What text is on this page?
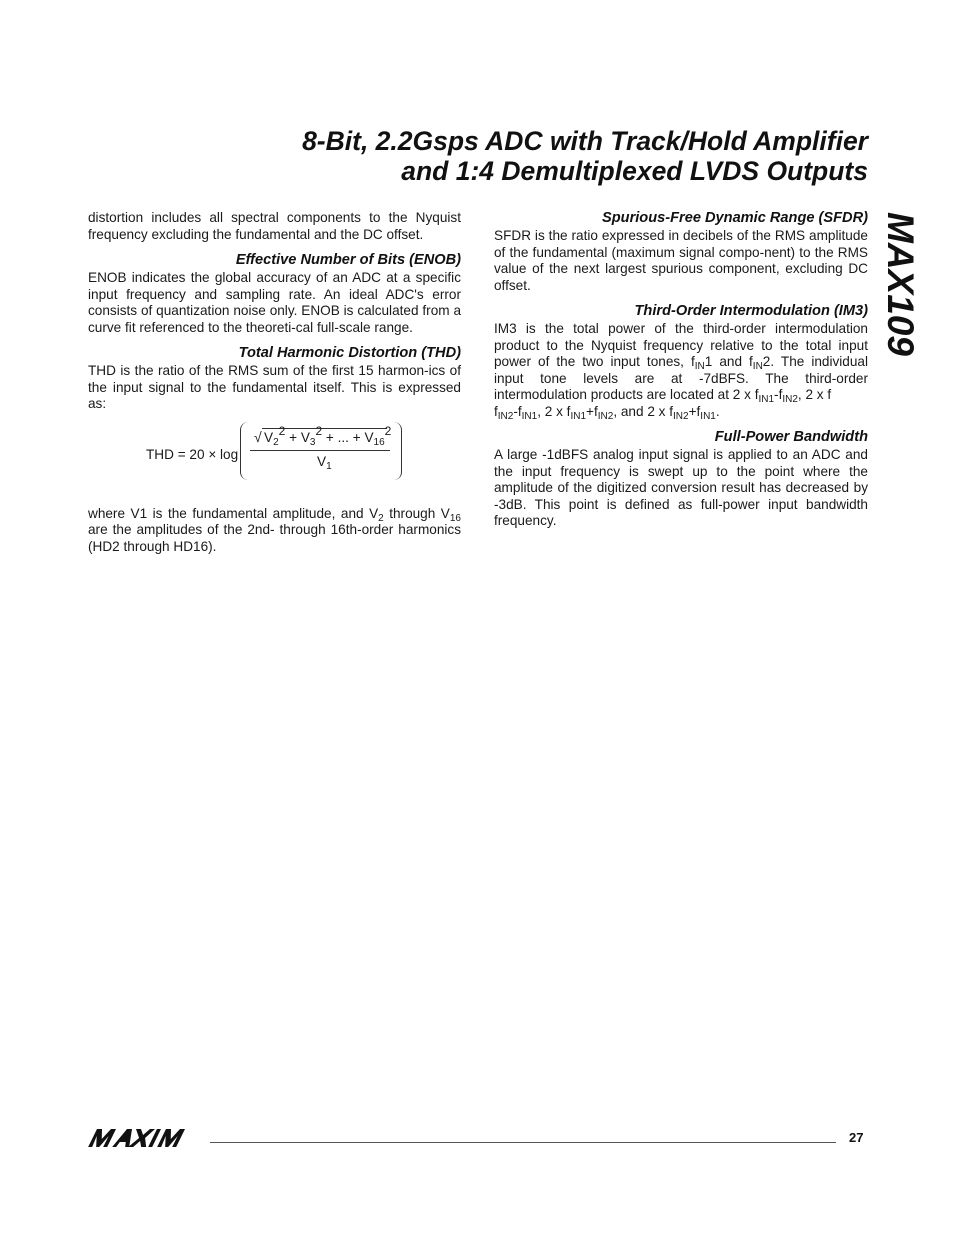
8-Bit, 2.2Gsps ADC with Track/Hold Amplifier
and 1:4 Demultiplexed LVDS Outputs
MAX109

distortion includes all spectral components to the Nyquist frequency excluding the fundamental and the DC offset.

Effective Number of Bits (ENOB)

ENOB indicates the global accuracy of an ADC at a specific input frequency and sampling rate. An ideal ADC's error consists of quantization noise only. ENOB is calculated from a curve fit referenced to the theoreti-cal full-scale range.

Total Harmonic Distortion (THD)

THD is the ratio of the RMS sum of the first 15 harmon-ics of the input signal to the fundamental itself. This is expressed as:

THD = 20 × log
√ $V_2^2 + V_3^2$ + ... + $V_{16}^2$
$V_1$

where V1 is the fundamental amplitude, and $V_2$ through $V_{16}$ are the amplitudes of the 2nd- through 16th-order harmonics (HD2 through HD16).

Spurious-Free Dynamic Range (SFDR)

SFDR is the ratio expressed in decibels of the RMS amplitude of the fundamental (maximum signal compo-nent) to the RMS value of the next largest spurious component, excluding DC offset.

Third-Order Intermodulation (IM3)

IM3 is the total power of the third-order intermodulation product to the Nyquist frequency relative to the total input power of the two input tones, $f_{IN}1$ and $f_{IN}2$. The individual input tone levels are at -7dBFS. The third-order intermodulation products are located at 2 x $f_{IN1}-f_{IN2}$, 2 x f
$f_{IN2}-f_{IN1}$, 2 x $f_{IN1}+f_{IN2}$, and 2 x $f_{IN2}+f_{IN1}$.

Full-Power Bandwidth

A large -1dBFS analog input signal is applied to an ADC and the input frequency is swept up to the point where the amplitude of the digitized conversion result has decreased by -3dB. This point is defined as full-power input bandwidth frequency.

27
